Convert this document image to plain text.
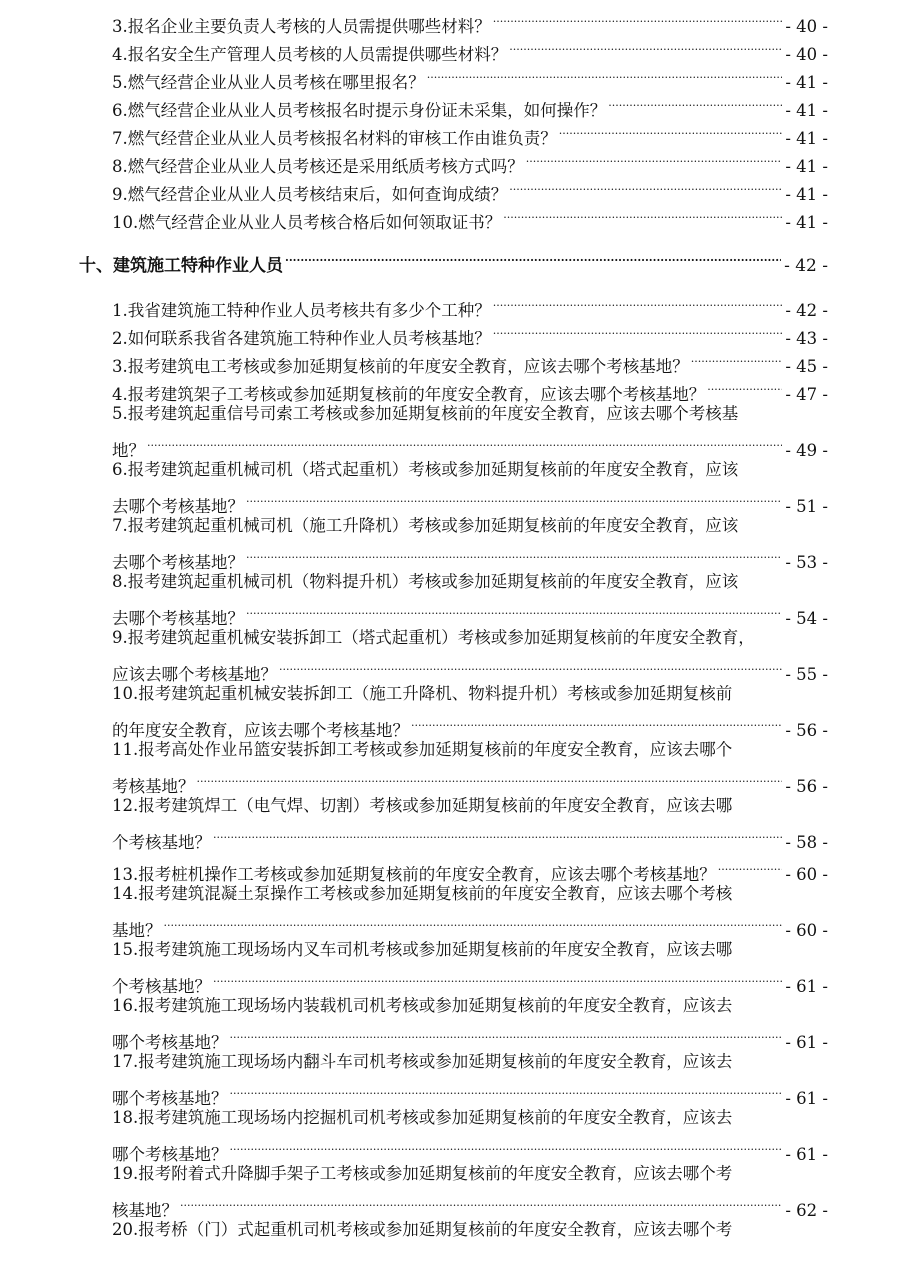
3.报名企业主要负责人考核的人员需提供哪些材料？ .....	- 40 -
4.报名安全生产管理人员考核的人员需提供哪些材料？ .....	- 40 -
5.燃气经营企业从业人员考核在哪里报名？ .....	- 41 -
6.燃气经营企业从业人员考核报名时提示身份证未采集，如何操作？ .....	- 41 -
7.燃气经营企业从业人员考核报名材料的审核工作由谁负责？ .....	- 41 -
8.燃气经营企业从业人员考核还是采用纸质考核方式吗？ .....	- 41 -
9.燃气经营企业从业人员考核结束后，如何查询成绩？ .....	- 41 -
10.燃气经营企业从业人员考核合格后如何领取证书？ .....	- 41 -
十、建筑施工特种作业人员 .....	- 42 -
1.我省建筑施工特种作业人员考核共有多少个工种？ .....	- 42 -
2.如何联系我省各建筑施工特种作业人员考核基地？ .....	- 43 -
3.报考建筑电工考核或参加延期复核前的年度安全教育，应该去哪个考核基地？ .....	- 45 -
4.报考建筑架子工考核或参加延期复核前的年度安全教育，应该去哪个考核基地？ .....	- 47 -
5.报考建筑起重信号司索工考核或参加延期复核前的年度安全教育，应该去哪个考核基
地？ .....	- 49 -
6.报考建筑起重机械司机（塔式起重机）考核或参加延期复核前的年度安全教育，应该
去哪个考核基地？ .....	- 51 -
7.报考建筑起重机械司机（施工升降机）考核或参加延期复核前的年度安全教育，应该
去哪个考核基地？ .....	- 53 -
8.报考建筑起重机械司机（物料提升机）考核或参加延期复核前的年度安全教育，应该
去哪个考核基地？ .....	- 54 -
9.报考建筑起重机械安装拆卸工（塔式起重机）考核或参加延期复核前的年度安全教育，
应该去哪个考核基地？ .....	- 55 -
10.报考建筑起重机械安装拆卸工（施工升降机、物料提升机）考核或参加延期复核前
的年度安全教育，应该去哪个考核基地？ .....	- 56 -
11.报考高处作业吊篮安装拆卸工考核或参加延期复核前的年度安全教育，应该去哪个
考核基地？ .....	- 56 -
12.报考建筑焊工（电气焊、切割）考核或参加延期复核前的年度安全教育，应该去哪
个考核基地？ .....	- 58 -
13.报考桩机操作工考核或参加延期复核前的年度安全教育，应该去哪个考核基地？ .....	- 60 -
14.报考建筑混凝土泵操作工考核或参加延期复核前的年度安全教育，应该去哪个考核
基地？ .....	- 60 -
15.报考建筑施工现场场内叉车司机考核或参加延期复核前的年度安全教育，应该去哪
个考核基地？ .....	- 61 -
16.报考建筑施工现场场内装载机司机考核或参加延期复核前的年度安全教育，应该去
哪个考核基地？ .....	- 61 -
17.报考建筑施工现场场内翻斗车司机考核或参加延期复核前的年度安全教育，应该去
哪个考核基地？ .....	- 61 -
18.报考建筑施工现场场内挖掘机司机考核或参加延期复核前的年度安全教育，应该去
哪个考核基地？ .....	- 61 -
19.报考附着式升降脚手架子工考核或参加延期复核前的年度安全教育，应该去哪个考
核基地？ .....	- 62 -
20.报考桥（门）式起重机司机考核或参加延期复核前的年度安全教育，应该去哪个考
